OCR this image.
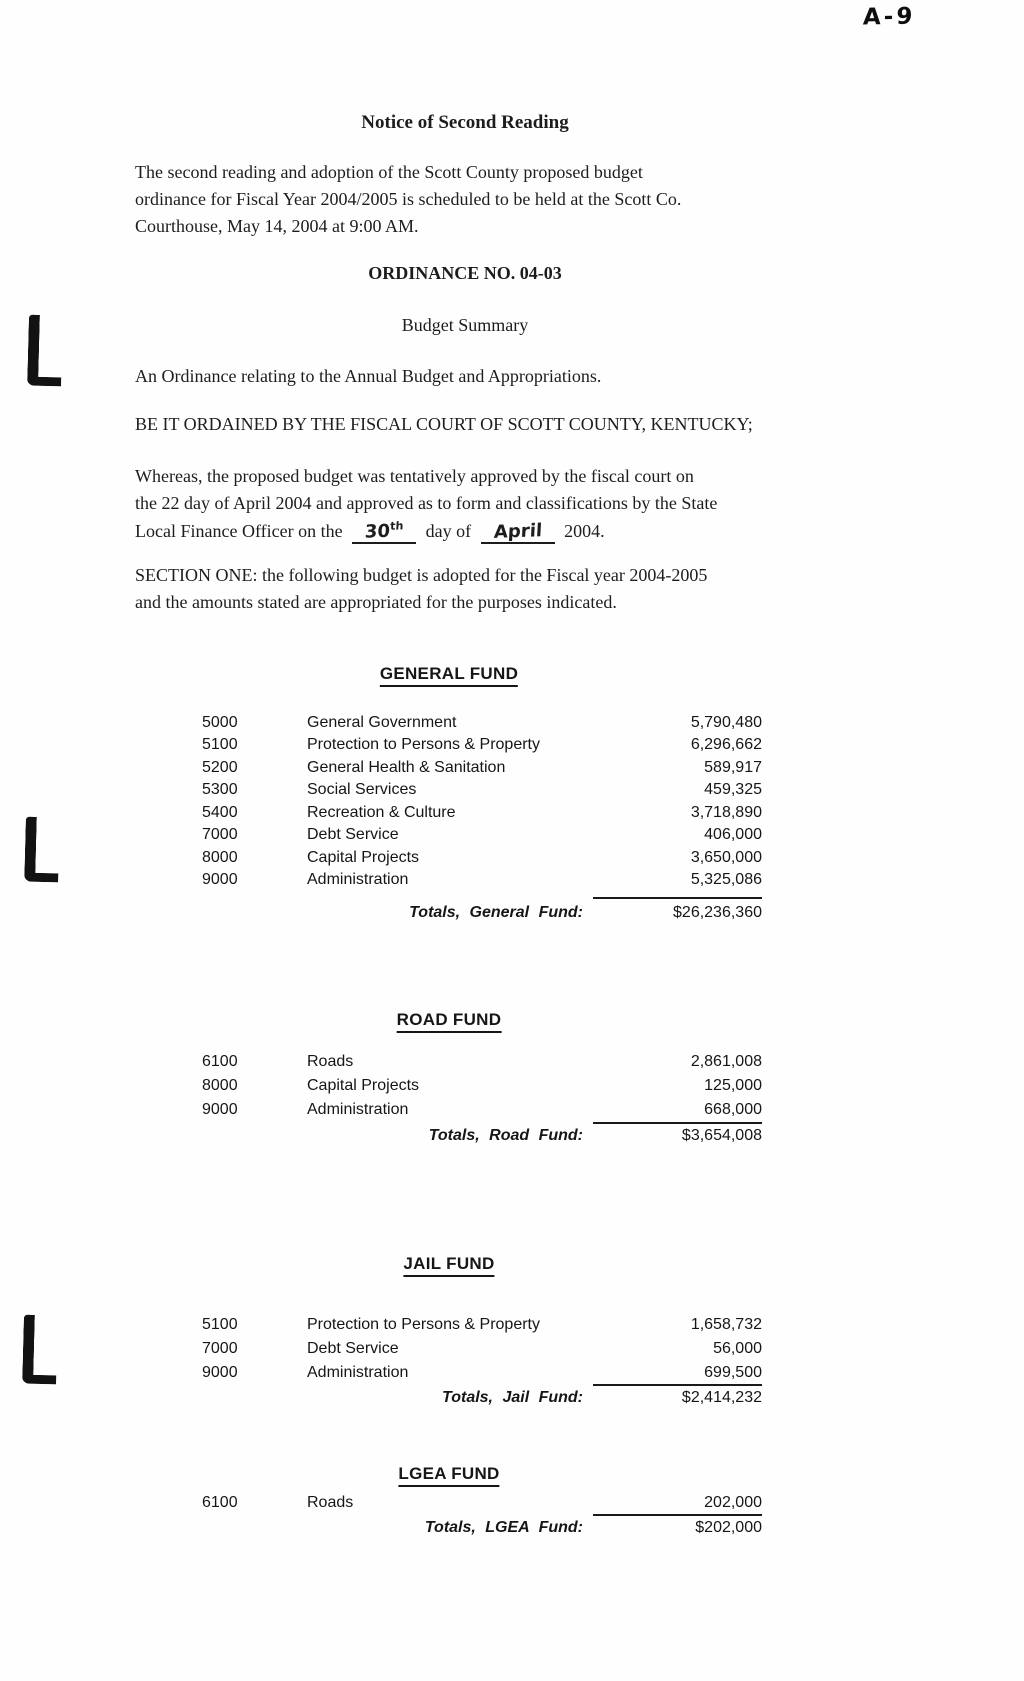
A-9
Notice of Second Reading
The second reading and adoption of the Scott County proposed budget
ordinance for Fiscal Year 2004/2005 is scheduled to be held at the Scott Co.
Courthouse, May 14, 2004 at 9:00 AM.
ORDINANCE NO. 04-03
Budget Summary
An Ordinance relating to the Annual Budget and Appropriations.
BE IT ORDAINED BY THE FISCAL COURT OF SCOTT COUNTY, KENTUCKY;
Whereas, the proposed budget was tentatively approved by the fiscal court on
the 22 day of April 2004 and approved as to form and classifications by the State
Local Finance Officer on the 30th day of April 2004.
SECTION ONE: the following budget is adopted for the Fiscal year 2004-2005
and the amounts stated are appropriated for the purposes indicated.
GENERAL FUND
5000	General Government	5,790,480
5100	Protection to Persons & Property	6,296,662
5200	General Health & Sanitation	589,917
5300	Social Services	459,325
5400	Recreation & Culture	3,718,890
7000	Debt Service	406,000
8000	Capital Projects	3,650,000
9000	Administration	5,325,086
Totals, General Fund:	$26,236,360
ROAD FUND
6100	Roads	2,861,008
8000	Capital Projects	125,000
9000	Administration	668,000
Totals, Road Fund:	$3,654,008
JAIL FUND
5100	Protection to Persons & Property	1,658,732
7000	Debt Service	56,000
9000	Administration	699,500
Totals, Jail Fund:	$2,414,232
LGEA FUND
6100	Roads	202,000
Totals, LGEA Fund:	$202,000
